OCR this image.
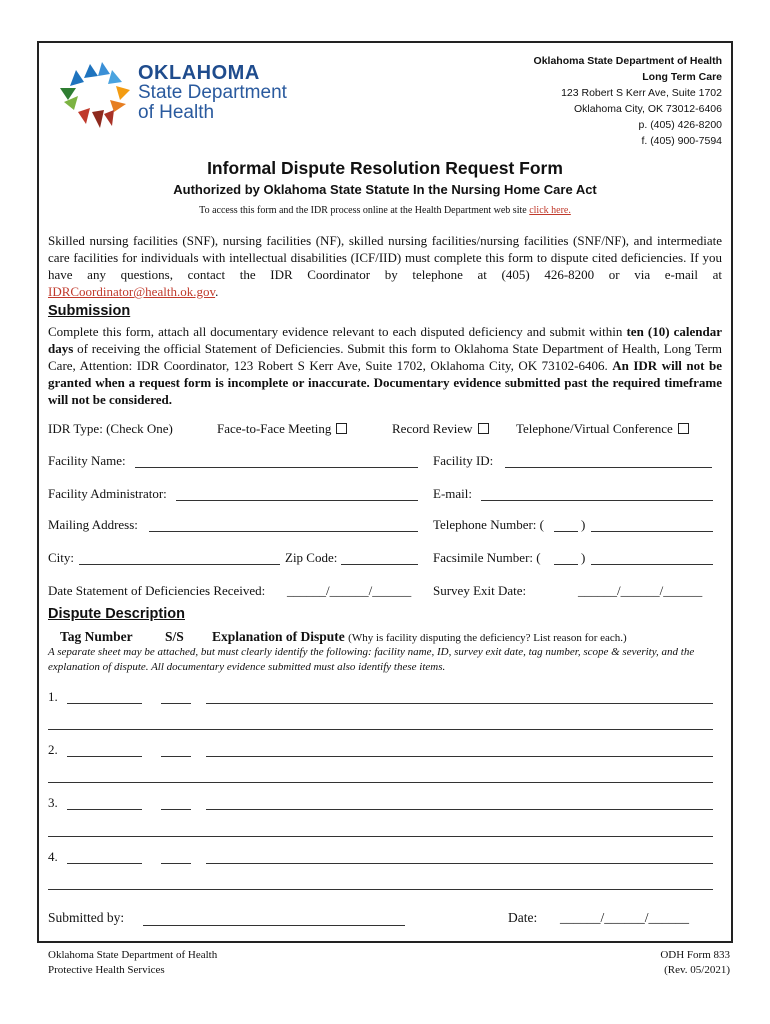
OKLAHOMA
State Department
of Health
Oklahoma State Department of Health
Long Term Care
123 Robert S Kerr Ave, Suite 1702
Oklahoma City, OK 73012-6406
p. (405) 426-8200
f. (405) 900-7594
Informal Dispute Resolution Request Form
Authorized by Oklahoma State Statute In the Nursing Home Care Act
To access this form and the IDR process online at the Health Department web site click here.
Skilled nursing facilities (SNF), nursing facilities (NF), skilled nursing facilities/nursing facilities (SNF/NF), and intermediate care facilities for individuals with intellectual disabilities (ICF/IID) must complete this form to dispute cited deficiencies. If you have any questions, contact the IDR Coordinator by telephone at (405) 426-8200 or via e-mail at IDRCoordinator@health.ok.gov.
Submission
Complete this form, attach all documentary evidence relevant to each disputed deficiency and submit within ten (10) calendar days of receiving the official Statement of Deficiencies. Submit this form to Oklahoma State Department of Health, Long Term Care, Attention: IDR Coordinator, 123 Robert S Kerr Ave, Suite 1702, Oklahoma City, OK 73102-6406. An IDR will not be granted when a request form is incomplete or inaccurate. Documentary evidence submitted past the required timeframe will not be considered.
IDR Type: (Check One)	Face-to-Face Meeting	Record Review	Telephone/Virtual Conference
Facility Name:	Facility ID:
Facility Administrator:	E-mail:
Mailing Address:	Telephone Number: (	)
City:	Zip Code:	Facsimile Number: (	)
Date Statement of Deficiencies Received: ______/______/______ Survey Exit Date:	______/______/______
Dispute Description
Tag Number S/S Explanation of Dispute (Why is facility disputing the deficiency? List reason for each.)
A separate sheet may be attached, but must clearly identify the following: facility name, ID, survey exit date, tag number, scope & severity, and the explanation of dispute. All documentary evidence submitted must also identify these items.
1.
2.
3.
4.
Submitted by:	Date: ______/______/______
Oklahoma State Department of Health
Protective Health Services
ODH Form 833
(Rev. 05/2021)
